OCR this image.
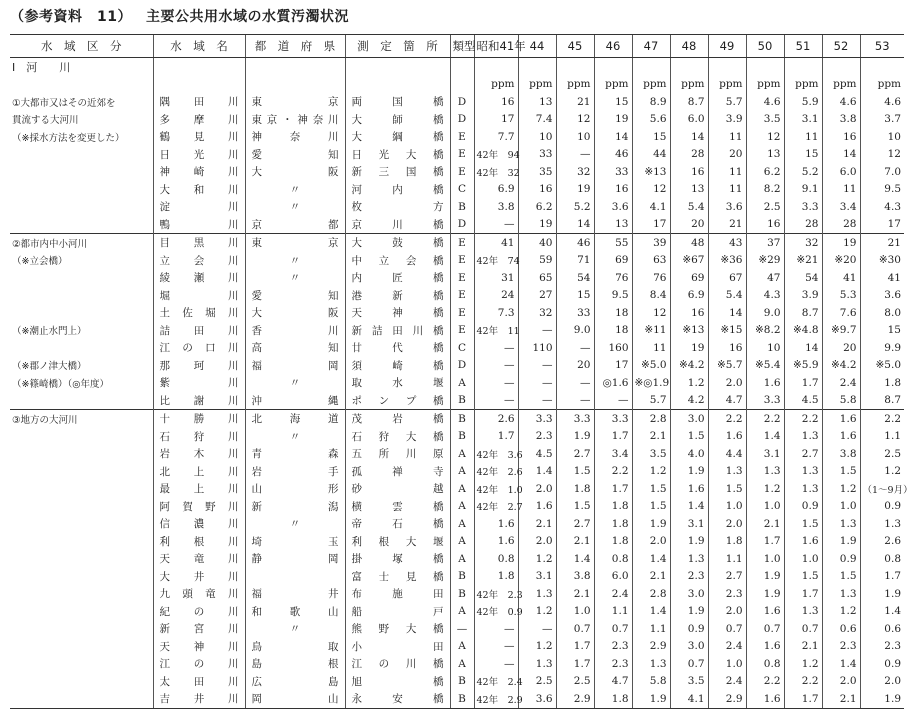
（参考資料　11） 主要公共用水域の水質汚濁状況
水　域　区　分	水　域　名	都　道　府　県	測　定　箇　所	類型	昭和41年	44	45	46	47	48	49	50	51	52	53
Ⅰ　河　　川															
					ppm	ppm	ppm	ppm	ppm	ppm	ppm	ppm	ppm	ppm	ppm
①大都市又はその近郊を	隅田川	東京	両国橋	D	16	13	21	15	8.9	8.7	5.7	4.6	5.9	4.6	4.6
貫流する大河川	多摩川	東京・神奈川	大師橋	D	17	7.4	12	19	5.6	6.0	3.9	3.5	3.1	3.8	3.7
（※採水方法を変更した）	鶴見川	神奈川	大綱橋	E	7.7	10	10	14	15	14	11	12	11	16	10
	日光川	愛知	日光大橋	E	42年　94	33	—	46	44	28	20	13	15	14	12
	神崎川	大阪	新三国橋	E	42年　32	35	32	33	※13	16	11	6.2	5.2	6.0	7.0
	大和川	〃	河内橋	C	6.9	16	19	16	12	13	11	8.2	9.1	11	9.5
	淀川	〃	枚方	B	3.8	6.2	5.2	3.6	4.1	5.4	3.6	2.5	3.3	3.4	4.3
	鴨川	京都	京川橋	D	—	19	14	13	17	20	21	16	28	28	17
②都市内中小河川	目黒川	東京	大鼓橋	E	41	40	46	55	39	48	43	37	32	19	21
（※立会橋）	立会川	〃	中立会橋	E	42年　74	59	71	69	63	※67	※36	※29	※21	※20	※30
	綾瀬川	〃	内匠橋	E	31	65	54	76	76	69	67	47	54	41	41
	堀川	愛知	港新橋	E	24	27	15	9.5	8.4	6.9	5.4	4.3	3.9	5.3	3.6
	土佐堀川	大阪	天神橋	E	7.3	32	33	18	12	16	14	9.0	8.7	7.6	8.0
（※潮止水門上）	詰田川	香川	新詰田川橋	E	42年　11	—	9.0	18	※11	※13	※15	※8.2	※4.8	※9.7	15
	江の口川	高知	廿代橋	C	—	110	—	160	11	19	16	10	14	20	9.9
（※郡ノ津大橋）	那珂川	福岡	須崎橋	D	—	—	20	17	※5.0	※4.2	※5.7	※5.4	※5.9	※4.2	※5.0
（※篠崎橋）（◎年度）	紫川	〃	取水堰	A	—	—	—	◎1.6	※◎1.9	1.2	2.0	1.6	1.7	2.4	1.8
	比謝川	沖縄	ポンプ橋	B	—	—	—	—	5.7	4.2	4.7	3.3	4.5	5.8	8.7
③地方の大河川	十勝川	北海道	茂岩橋	B	2.6	3.3	3.3	3.3	2.8	3.0	2.2	2.2	2.2	1.6	2.2
	石狩川	〃	石狩大橋	B	1.7	2.3	1.9	1.7	2.1	1.5	1.6	1.4	1.3	1.6	1.1
	岩木川	青森	五所川原	A	42年　3.6	4.5	2.7	3.4	3.5	4.0	4.4	3.1	2.7	3.8	2.5
	北上川	岩手	孤禅寺	A	42年　2.6	1.4	1.5	2.2	1.2	1.9	1.3	1.3	1.3	1.5	1.2
	最上川	山形	砂越	A	42年　1.0	2.0	1.8	1.7	1.5	1.6	1.5	1.2	1.3	1.2	（1～9月）
	阿賀野川	新潟	横雲橋	A	42年　2.7	1.6	1.5	1.8	1.5	1.4	1.0	1.0	0.9	1.0	0.9
	信濃川	〃	帝石橋	A	1.6	2.1	2.7	1.8	1.9	3.1	2.0	2.1	1.5	1.3	1.3
	利根川	埼玉	利根大堰	A	1.6	2.0	2.1	1.8	2.0	1.9	1.8	1.7	1.6	1.9	2.6
	天竜川	静岡	掛塚橋	A	0.8	1.2	1.4	0.8	1.4	1.3	1.1	1.0	1.0	0.9	0.8
	大井川		富士見橋	B	1.8	3.1	3.8	6.0	2.1	2.3	2.7	1.9	1.5	1.5	1.7
	九頭竜川	福井	布施田	B	42年　2.3	1.3	2.1	2.4	2.8	3.0	2.3	1.9	1.7	1.3	1.9
	紀の川	和歌山	船戸	A	42年　0.9	1.2	1.0	1.1	1.4	1.9	2.0	1.6	1.3	1.2	1.4
	新宮川	〃	熊野大橋	—	—	—	0.7	0.7	1.1	0.9	0.7	0.7	0.7	0.6	0.6
	天神川	鳥取	小田	A	—	1.2	1.7	2.3	2.9	3.0	2.4	1.6	2.1	2.3	2.3
	江の川	島根	江の川橋	A	—	1.3	1.7	2.3	1.3	0.7	1.0	0.8	1.2	1.4	0.9
	太田川	広島	旭橋	B	42年　2.4	2.5	2.5	4.7	5.8	3.5	2.4	2.2	2.2	2.0	2.0
	吉井川	岡山	永安橋	B	42年　2.9	3.6	2.9	1.8	1.9	4.1	2.9	1.6	1.7	2.1	1.9
